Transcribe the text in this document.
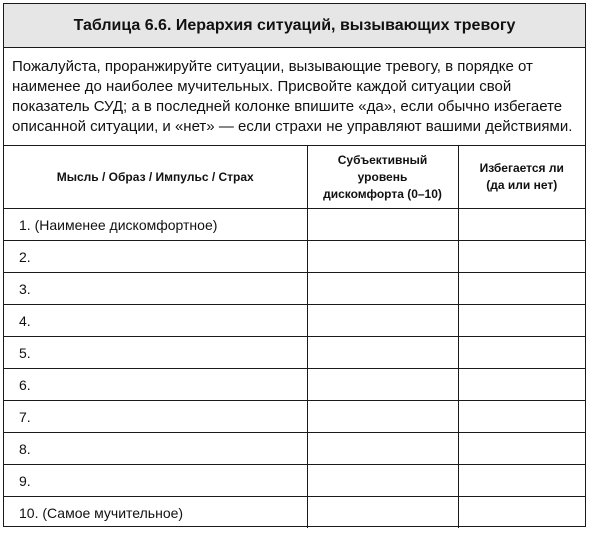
Таблица 6.6. Иерархия ситуаций, вызывающих тревогу
Пожалуйста, проранжируйте ситуации, вызывающие тревогу, в порядке от наименее до наиболее мучительных. Присвойте каждой ситуации свой показатель СУД; а в последней колонке впишите «да», если обычно избегаете описанной ситуации, и «нет» — если страхи не управляют вашими действиями.
Мысль / Образ / Импульс / Страх	Субъективный уровень дискомфорта (0–10)	Избегается ли (да или нет)

1. (Наименее дискомфортное)		
2.		
3.		
4.		
5.		
6.		
7.		
8.		
9.		
10. (Самое мучительное)		
